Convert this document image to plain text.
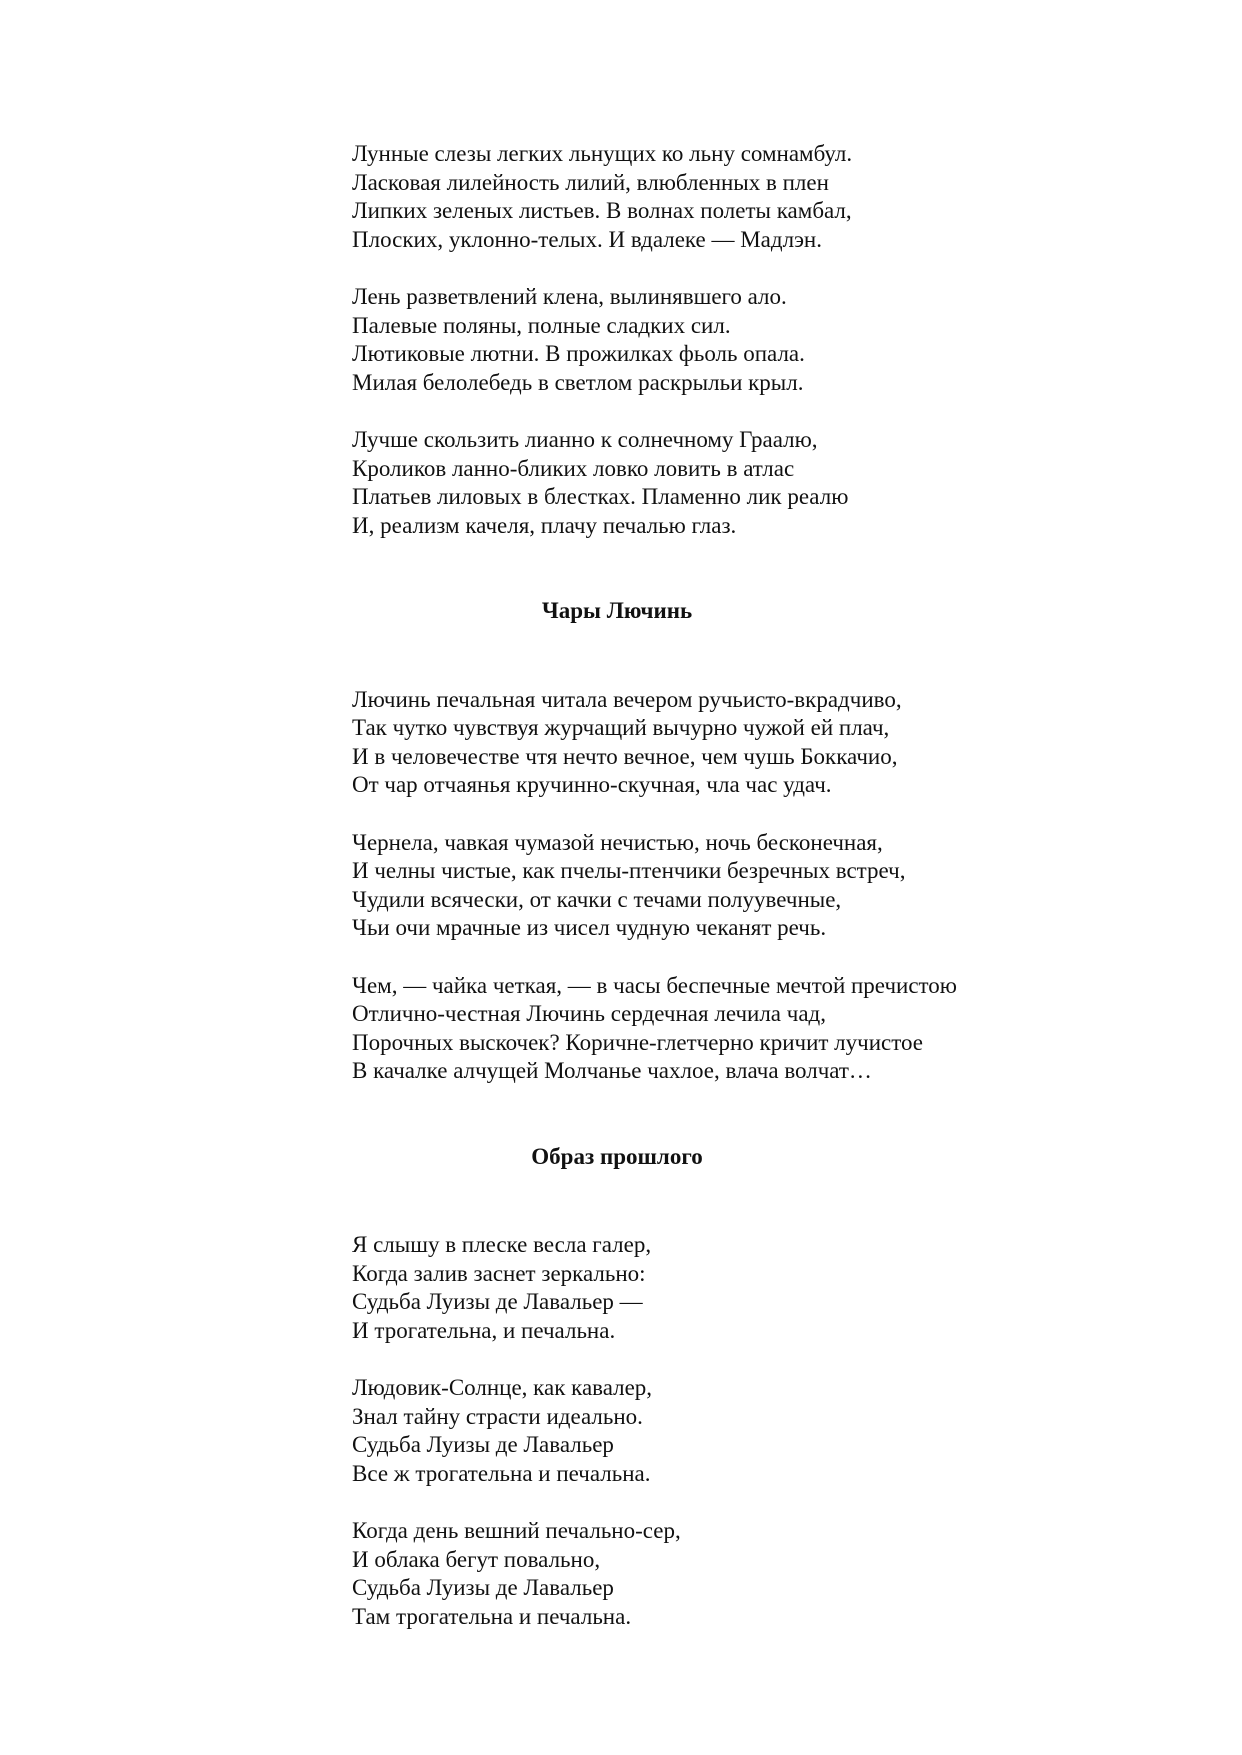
Лунные слезы легких льнущих ко льну сомнамбул.
Ласковая лилейность лилий, влюбленных в плен
Липких зеленых листьев. В волнах полеты камбал,
Плоских, уклонно-телых. И вдалеке — Мадлэн.
Лень разветвлений клена, вылинявшего ало.
Палевые поляны, полные сладких сил.
Лютиковые лютни. В прожилках фьоль опала.
Милая белолебедь в светлом раскрыльи крыл.
Лучше скользить лианно к солнечному Граалю,
Кроликов ланно-бликих ловко ловить в атлас
Платьев лиловых в блестках. Пламенно лик реалю
И, реализм качеля, плачу печалью глаз.
Чары Лючинь
Лючинь печальная читала вечером ручьисто-вкрадчиво,
Так чутко чувствуя журчащий вычурно чужой ей плач,
И в человечестве чтя нечто вечное, чем чушь Боккачио,
От чар отчаянья кручинно-скучная, чла час удач.
Чернела, чавкая чумазой нечистью, ночь бесконечная,
И челны чистые, как пчелы-птенчики безречных встреч,
Чудили всячески, от качки с течами полуувечные,
Чьи очи мрачные из чисел чудную чеканят речь.
Чем, — чайка четкая, — в часы беспечные мечтой пречистою
Отлично-честная Лючинь сердечная лечила чад,
Порочных выскочек? Коричне-глетчерно кричит лучистое
В качалке алчущей Молчанье чахлое, влача волчат…
Образ прошлого
Я слышу в плеске весла галер,
Когда залив заснет зеркально:
Судьба Луизы де Лавальер —
И трогательна, и печальна.
Людовик-Солнце, как кавалер,
Знал тайну страсти идеально.
Судьба Луизы де Лавальер
Все ж трогательна и печальна.
Когда день вешний печально-сер,
И облака бегут повально,
Судьба Луизы де Лавальер
Там трогательна и печальна.
